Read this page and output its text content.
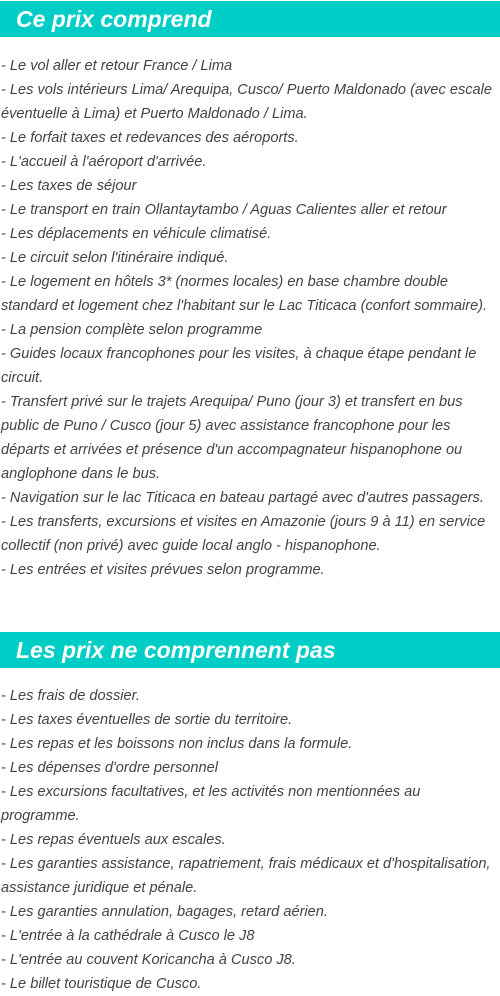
Ce prix comprend
- Le vol aller et retour France / Lima
- Les vols intérieurs Lima/ Arequipa, Cusco/ Puerto Maldonado (avec escale éventuelle à Lima) et Puerto Maldonado / Lima.
- Le forfait taxes et redevances des aéroports.
- L'accueil à l'aéroport d'arrivée.
- Les taxes de séjour
- Le transport en train Ollantaytambo / Aguas Calientes aller et retour
- Les déplacements en véhicule climatisé.
- Le circuit selon l'itinéraire indiqué.
- Le logement en hôtels 3* (normes locales) en base chambre double standard et logement chez l'habitant sur le Lac Titicaca (confort sommaire).
- La pension complète selon programme
- Guides locaux francophones pour les visites, à chaque étape pendant le circuit.
- Transfert privé sur le trajets Arequipa/ Puno (jour 3) et transfert en bus public de Puno / Cusco (jour 5) avec assistance francophone pour les départs et arrivées et présence d'un accompagnateur hispanophone ou anglophone dans le bus.
- Navigation sur le lac Titicaca en bateau partagé avec d'autres passagers.
- Les transferts, excursions et visites en Amazonie (jours 9 à 11) en service collectif (non privé) avec guide local anglo - hispanophone.
- Les entrées et visites prévues selon programme.
Les prix ne comprennent pas
- Les frais de dossier.
- Les taxes éventuelles de sortie du territoire.
- Les repas et les boissons non inclus dans la formule.
- Les dépenses d'ordre personnel
- Les excursions facultatives, et les activités non mentionnées au programme.
- Les repas éventuels aux escales.
- Les garanties assistance, rapatriement, frais médicaux et d'hospitalisation, assistance juridique et pénale.
- Les garanties annulation, bagages, retard aérien.
- L'entrée à la cathédrale à Cusco le J8
- L'entrée au couvent Koricancha à Cusco J8.
- Le billet touristique de Cusco.
